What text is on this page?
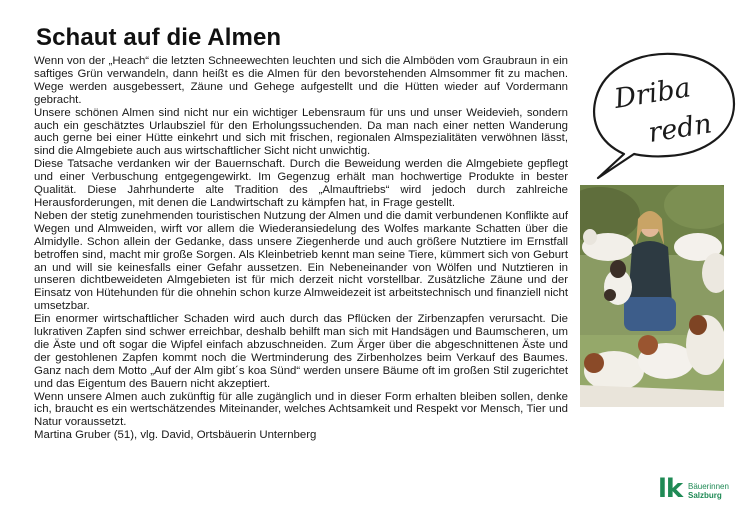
Schaut auf die Almen

Wenn von der „Heach“ die letzten Schneewechten leuchten und sich die Almböden vom Graubraun in ein saftiges Grün verwandeln, dann heißt es die Almen für den bevorstehenden Almsommer fit zu machen. Wege werden ausgebessert, Zäune und Gehege aufgestellt und die Hütten wieder auf Vordermann gebracht.

Unsere schönen Almen sind nicht nur ein wichtiger Lebensraum für uns und unser Weidevieh, sondern auch ein geschätztes Urlaubsziel für den Erholungssuchenden. Da man nach einer netten Wanderung auch gerne bei einer Hütte einkehrt und sich mit frischen, regionalen Almspezialitäten verwöhnen lässt, sind die Almgebiete auch aus wirtschaftlicher Sicht nicht unwichtig.

Diese Tatsache verdanken wir der Bauernschaft. Durch die Beweidung werden die Almgebiete gepflegt und einer Verbuschung entgegengewirkt. Im Gegenzug erhält man hochwertige Produkte in bester Qualität. Diese Jahrhunderte alte Tradition des „Almauftriebs“ wird jedoch durch zahlreiche Herausforderungen, mit denen die Landwirtschaft zu kämpfen hat, in Frage gestellt.

Neben der stetig zunehmenden touristischen Nutzung der Almen und die damit verbundenen Konflikte auf Wegen und Almweiden, wirft vor allem die Wiederansiedelung des Wolfes markante Schatten über die Almidylle. Schon allein der Gedanke, dass unsere Ziegenherde und auch größere Nutztiere im Ernstfall betroffen sind, macht mir große Sorgen. Als Kleinbetrieb kennt man seine Tiere, kümmert sich von Geburt an und will sie keinesfalls einer Gefahr aussetzen. Ein Nebeneinander von Wölfen und Nutztieren in unseren dichtbeweideten Almgebieten ist für mich derzeit nicht vorstellbar. Zusätzliche Zäune und der Einsatz von Hütehunden für die ohnehin schon kurze Almweidezeit ist arbeitstechnisch und finanziell nicht umsetzbar.

Ein enormer wirtschaftlicher Schaden wird auch durch das Pflücken der Zirbenzapfen verursacht. Die lukrativen Zapfen sind schwer erreichbar, deshalb behilft man sich mit Handsägen und Baumscheren, um die Äste und oft sogar die Wipfel einfach abzuschneiden. Zum Ärger über die abgeschnittenen Äste und der gestohlenen Zapfen kommt noch die Wertminderung des Zirbenholzes beim Verkauf des Baumes. Ganz nach dem Motto „Auf der Alm gibt´s koa Sünd“ werden unsere Bäume oft im großen Stil zugerichtet und das Eigentum des Bauern nicht akzeptiert.

Wenn unsere Almen auch zukünftig für alle zugänglich und in dieser Form erhalten bleiben sollen, denke ich, braucht es ein wertschätzendes Miteinander, welches Achtsamkeit und Respekt vor Mensch, Tier und Natur voraussetzt.

Martina Gruber (51), vlg. David, Ortsbäuerin Unternberg

Driba
redn
lk Bäuerinnen
Salzburg
